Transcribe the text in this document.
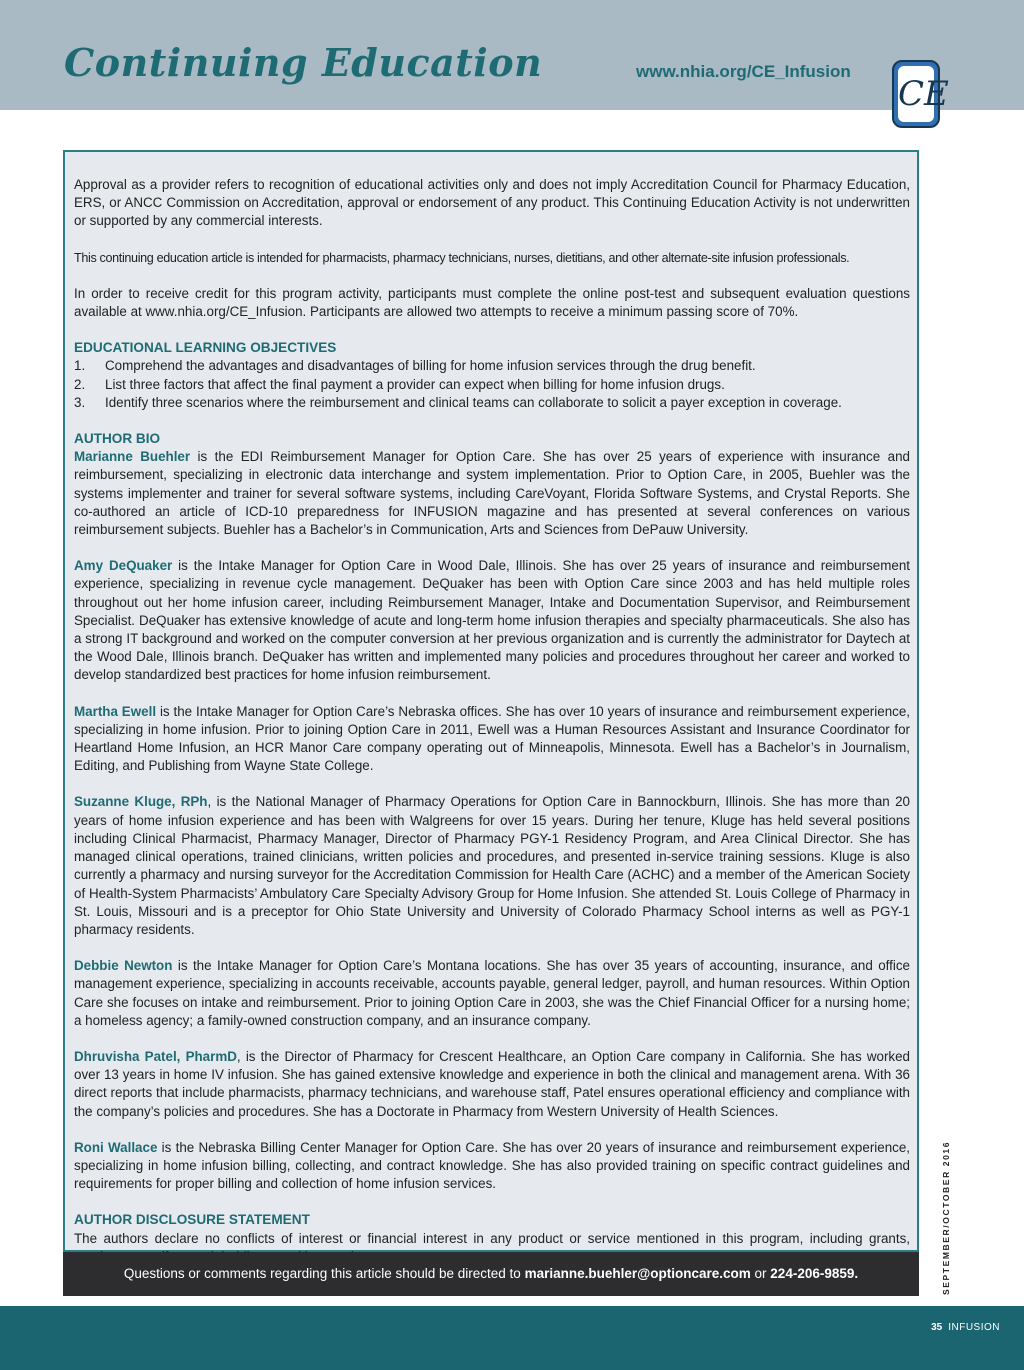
Continuing Education	www.nhia.org/CE_Infusion
CE

Approval as a provider refers to recognition of educational activities only and does not imply Accreditation Council for Pharmacy Education, ERS, or ANCC Commission on Accreditation, approval or endorsement of any product. This Continuing Education Activity is not underwritten or supported by any commercial interests.

This continuing education article is intended for pharmacists, pharmacy technicians, nurses, dietitians, and other alternate-site infusion professionals.

In order to receive credit for this program activity, participants must complete the online post-test and subsequent evaluation questions available at www.nhia.org/CE_Infusion. Participants are allowed two attempts to receive a minimum passing score of 70%.

EDUCATIONAL LEARNING OBJECTIVES
1.	Comprehend the advantages and disadvantages of billing for home infusion services through the drug benefit.
2.	List three factors that affect the final payment a provider can expect when billing for home infusion drugs.
3.	Identify three scenarios where the reimbursement and clinical teams can collaborate to solicit a payer exception in coverage.
AUTHOR BIO

Marianne Buehler is the EDI Reimbursement Manager for Option Care. She has over 25 years of experience with insurance and reimbursement, specializing in electronic data interchange and system implementation. Prior to Option Care, in 2005, Buehler was the systems implementer and trainer for several software systems, including CareVoyant, Florida Software Systems, and Crystal Reports. She co-authored an article of ICD-10 preparedness for INFUSION magazine and has presented at several conferences on various reimbursement subjects. Buehler has a Bachelor’s in Communication, Arts and Sciences from DePauw University.

Amy DeQuaker is the Intake Manager for Option Care in Wood Dale, Illinois. She has over 25 years of insurance and reimbursement experience, specializing in revenue cycle management. DeQuaker has been with Option Care since 2003 and has held multiple roles throughout out her home infusion career, including Reimbursement Manager, Intake and Documentation Supervisor, and Reimbursement Specialist. DeQuaker has extensive knowledge of acute and long-term home infusion therapies and specialty pharmaceuticals. She also has a strong IT background and worked on the computer conversion at her previous organization and is currently the administrator for Daytech at the Wood Dale, Illinois branch. DeQuaker has written and implemented many policies and procedures throughout her career and worked to develop standardized best practices for home infusion reimbursement.

Martha Ewell is the Intake Manager for Option Care’s Nebraska offices. She has over 10 years of insurance and reimbursement experience, specializing in home infusion. Prior to joining Option Care in 2011, Ewell was a Human Resources Assistant and Insurance Coordinator for Heartland Home Infusion, an HCR Manor Care company operating out of Minneapolis, Minnesota. Ewell has a Bachelor’s in Journalism, Editing, and Publishing from Wayne State College.

Suzanne Kluge, RPh, is the National Manager of Pharmacy Operations for Option Care in Bannockburn, Illinois. She has more than 20 years of home infusion experience and has been with Walgreens for over 15 years. During her tenure, Kluge has held several positions including Clinical Pharmacist, Pharmacy Manager, Director of Pharmacy PGY-1 Residency Program, and Area Clinical Director. She has managed clinical operations, trained clinicians, written policies and procedures, and presented in-service training sessions. Kluge is also currently a pharmacy and nursing surveyor for the Accreditation Commission for Health Care (ACHC) and a member of the American Society of Health-System Pharmacists’ Ambulatory Care Specialty Advisory Group for Home Infusion. She attended St. Louis College of Pharmacy in St. Louis, Missouri and is a preceptor for Ohio State University and University of Colorado Pharmacy School interns as well as PGY-1 pharmacy residents.

Debbie Newton is the Intake Manager for Option Care’s Montana locations. She has over 35 years of accounting, insurance, and office management experience, specializing in accounts receivable, accounts payable, general ledger, payroll, and human resources. Within Option Care she focuses on intake and reimbursement. Prior to joining Option Care in 2003, she was the Chief Financial Officer for a nursing home; a homeless agency; a family-owned construction company, and an insurance company.

Dhruvisha Patel, PharmD, is the Director of Pharmacy for Crescent Healthcare, an Option Care company in California. She has worked over 13 years in home IV infusion. She has gained extensive knowledge and experience in both the clinical and management arena. With 36 direct reports that include pharmacists, pharmacy technicians, and warehouse staff, Patel ensures operational efficiency and compliance with the company’s policies and procedures. She has a Doctorate in Pharmacy from Western University of Health Sciences.

Roni Wallace is the Nebraska Billing Center Manager for Option Care. She has over 20 years of insurance and reimbursement experience, specializing in home infusion billing, collecting, and contract knowledge. She has also provided training on specific contract guidelines and requirements for proper billing and collection of home infusion services.

AUTHOR DISCLOSURE STATEMENT

The authors declare no conflicts of interest or financial interest in any product or service mentioned in this program, including grants,

Questions or comments regarding this article should be directed to marianne.buehler@optioncare.com or 224-206-9859.	SEPTEMBER/OCTOBER 2016
35 INFUSION
